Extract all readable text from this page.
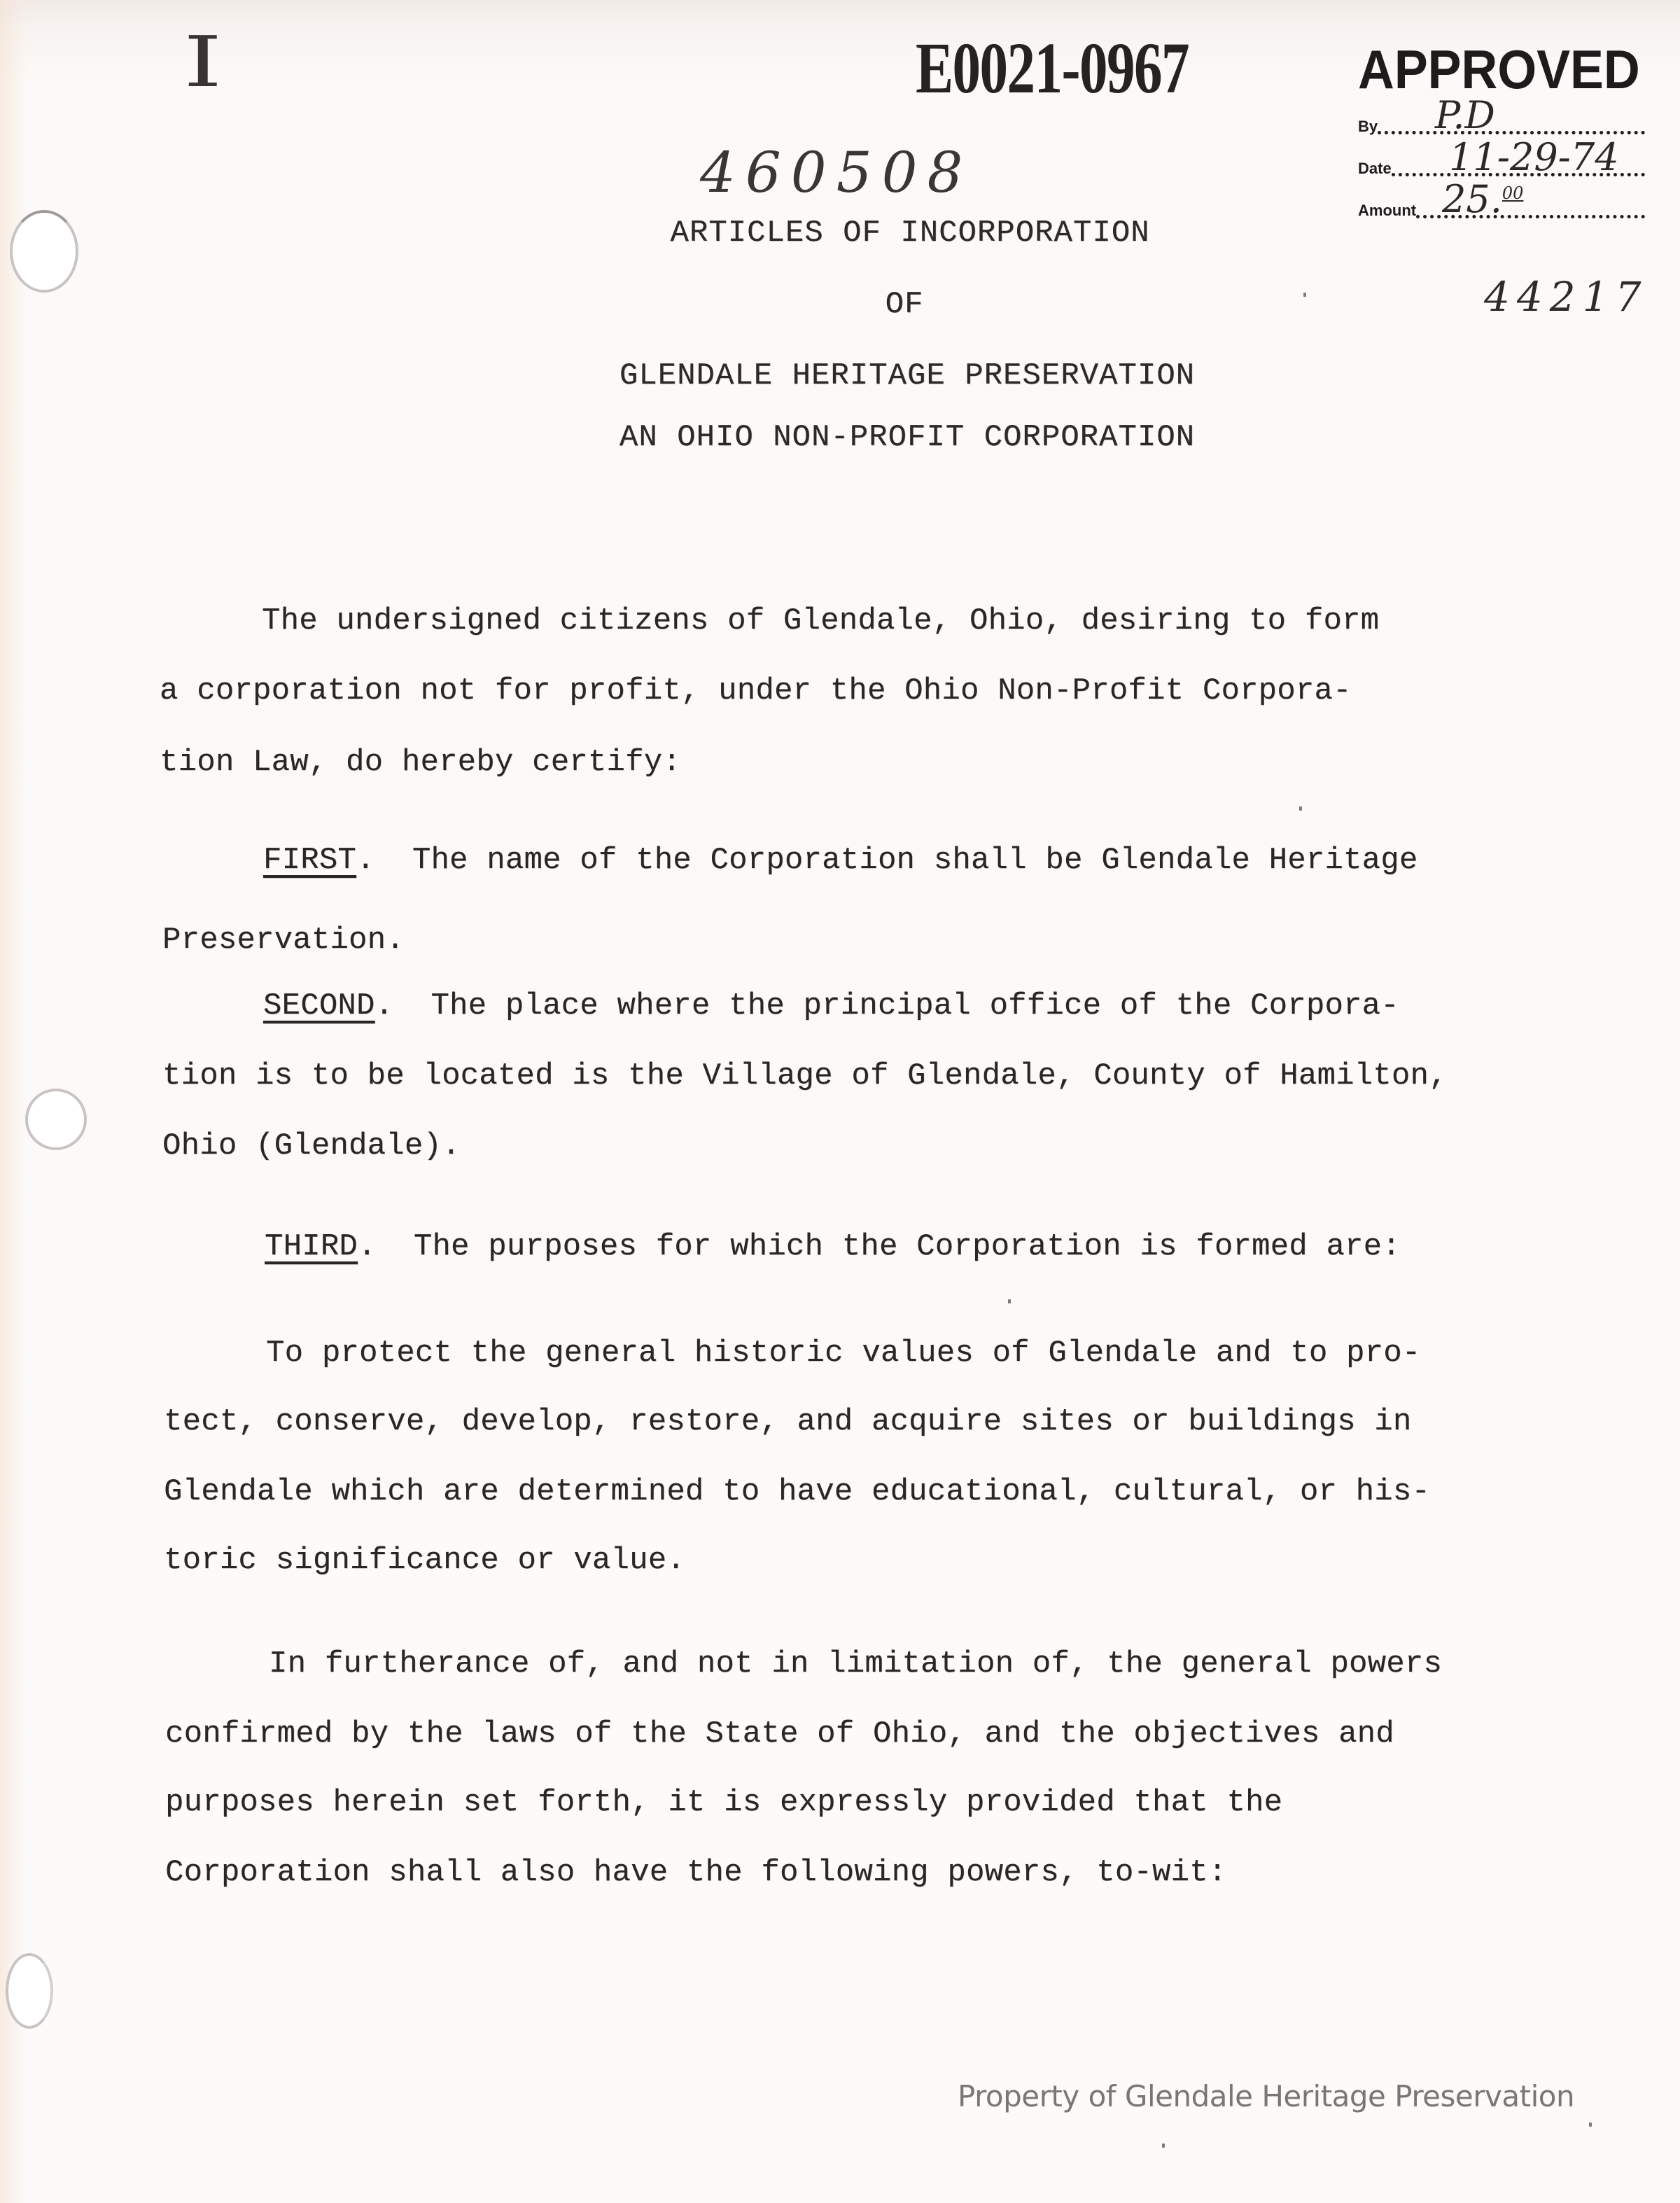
I
460508
E0021-0967	APPROVED
By P.D
Date 11-29-74
Amount 25.00
44217
ARTICLES OF INCORPORATION
OF
GLENDALE HERITAGE PRESERVATION
AN OHIO NON-PROFIT CORPORATION
The undersigned citizens of Glendale, Ohio, desiring to form
a corporation not for profit, under the Ohio Non-Profit Corpora-
tion Law, do hereby certify:
FIRST.  The name of the Corporation shall be Glendale Heritage
Preservation.
SECOND.  The place where the principal office of the Corpora-
tion is to be located is the Village of Glendale, County of Hamilton,
Ohio (Glendale).
THIRD.  The purposes for which the Corporation is formed are:
To protect the general historic values of Glendale and to pro-
tect, conserve, develop, restore, and acquire sites or buildings in
Glendale which are determined to have educational, cultural, or his-
toric significance or value.
In furtherance of, and not in limitation of, the general powers
confirmed by the laws of the State of Ohio, and the objectives and
purposes herein set forth, it is expressly provided that the
Corporation shall also have the following powers, to-wit:
Property of Glendale Heritage Preservation
